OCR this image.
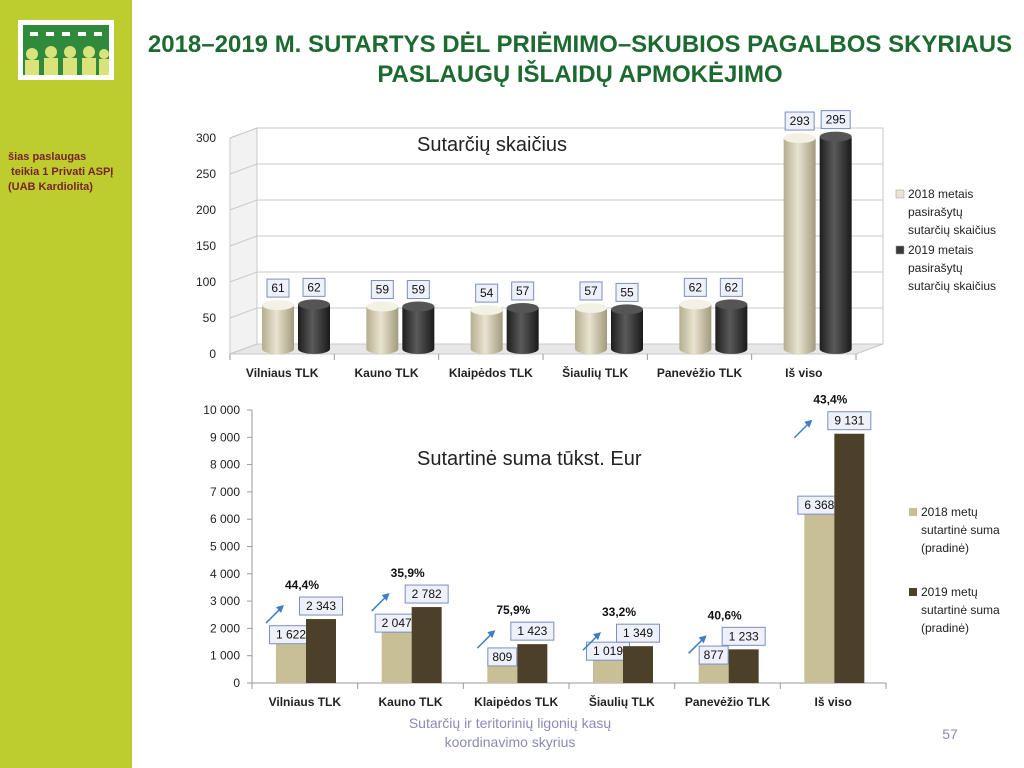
šias paslaugas
teikia 1 Privati ASPĮ
(UAB Kardiolita)
2018–2019 M. SUTARTYS DĖL PRIĖMIMO–SKUBIOS PAGALBOS SKYRIAUS
PASLAUGŲ IŠLAIDŲ APMOKĖJIMO
0
50
100
150
200
250
300
Vilniaus TLK	Kauno TLK	Klaipėdos TLK Šiaulių TLK Panevėžio TLK	Iš viso
61	59	54	57	62
293
62	59	57	55	62
295
Sutarčių skaičius
2018 metais
pasirašytų
sutarčių skaičius
2019 metais
pasirašytų
sutarčių skaičius
0
1 000
2 000
3 000
4 000
5 000
6 000
7 000
8 000
9 000
10 000
Vilniaus TLK	Kauno TLK	Klaipėdos TLK	Šiaulių TLK Panevėžio TLK	Iš viso
1 622
2 047
809	1 019	877
6 368
2 343
2 782
1 423	1 349	1 233
9 131
44,4%
35,9%
75,9%	33,2%	40,6%
43,4%
Sutartinė suma tūkst. Eur
2018 metų
sutartinė suma
(pradinė)
2019 metų
sutartinė suma
(pradinė)
Sutarčių ir teritorinių ligonių kasų
koordinavimo skyrius	57
